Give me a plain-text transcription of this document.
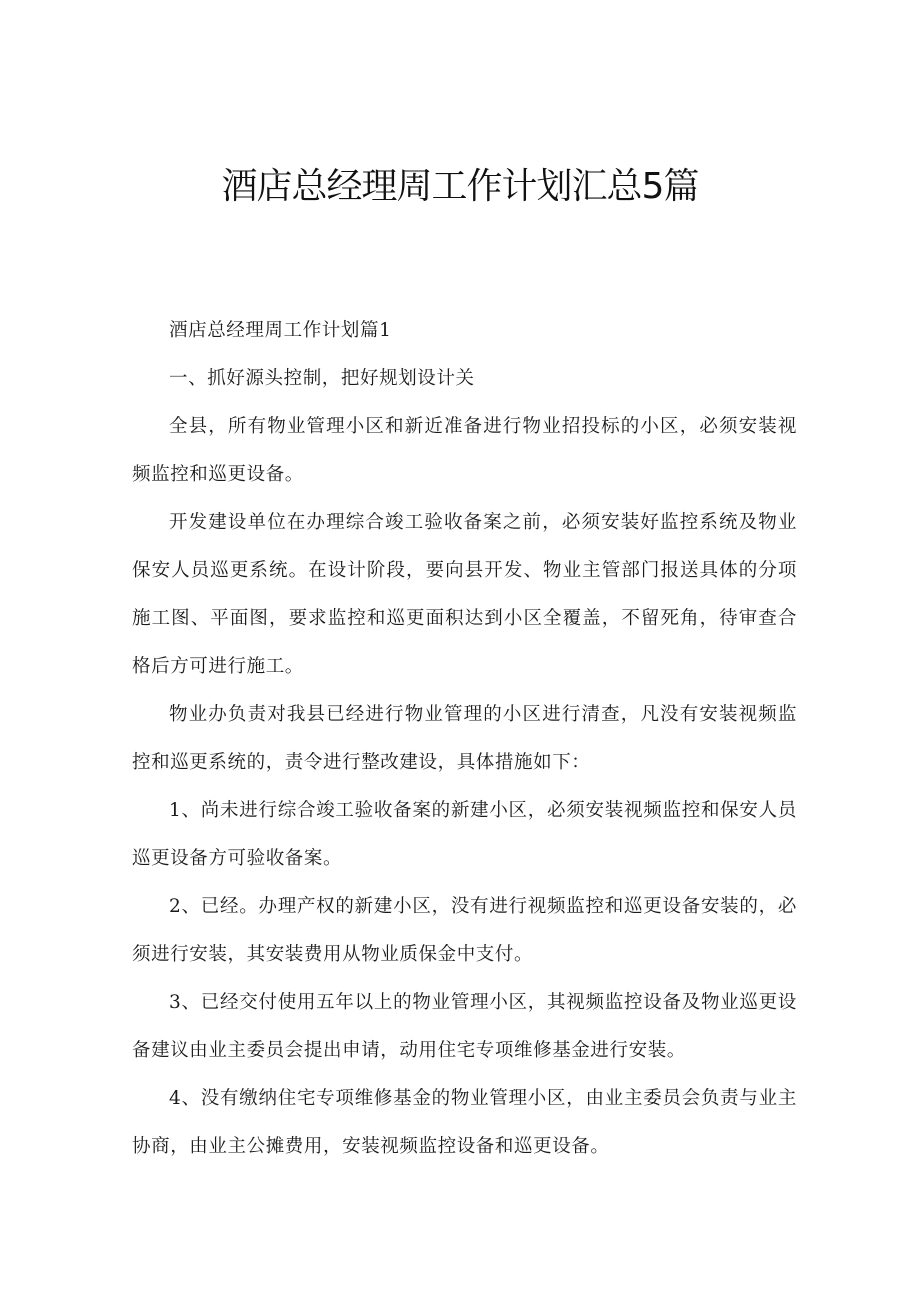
酒店总经理周工作计划汇总5篇

酒店总经理周工作计划篇1

一、抓好源头控制，把好规划设计关

全县，所有物业管理小区和新近准备进行物业招投标的小区，必须安装视频监控和巡更设备。

开发建设单位在办理综合竣工验收备案之前，必须安装好监控系统及物业保安人员巡更系统。在设计阶段，要向县开发、物业主管部门报送具体的分项施工图、平面图，要求监控和巡更面积达到小区全覆盖，不留死角，待审查合格后方可进行施工。

物业办负责对我县已经进行物业管理的小区进行清查，凡没有安装视频监控和巡更系统的，责令进行整改建设，具体措施如下：

1、尚未进行综合竣工验收备案的新建小区，必须安装视频监控和保安人员巡更设备方可验收备案。

2、已经。办理产权的新建小区，没有进行视频监控和巡更设备安装的，必须进行安装，其安装费用从物业质保金中支付。

3、已经交付使用五年以上的物业管理小区，其视频监控设备及物业巡更设备建议由业主委员会提出申请，动用住宅专项维修基金进行安装。

4、没有缴纳住宅专项维修基金的物业管理小区，由业主委员会负责与业主协商，由业主公摊费用，安装视频监控设备和巡更设备。
